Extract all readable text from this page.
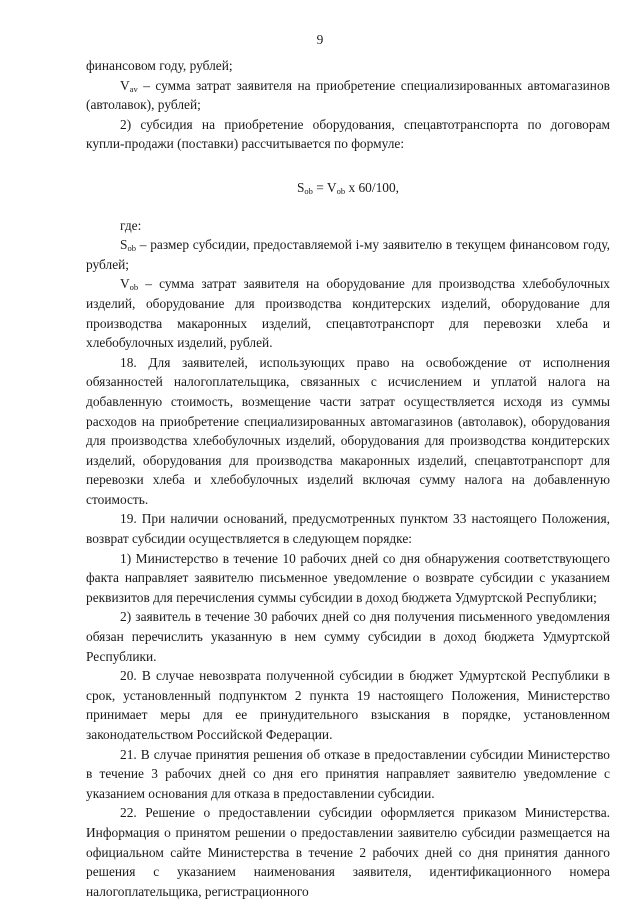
9

финансовом году, рублей;

$V_{av}$ – сумма затрат заявителя на приобретение специализированных автомагазинов (автолавок), рублей;

2) субсидия на приобретение оборудования, спецавтотранспорта по договорам купли-продажи (поставки) рассчитывается по формуле:

$S_{ob} = V_{ob}$ x 60/100,

где:

$S_{ob}$ – размер субсидии, предоставляемой i-му заявителю в текущем финансовом году, рублей;

$V_{ob}$ – сумма затрат заявителя на оборудование для производства хлебобулочных изделий, оборудование для производства кондитерских изделий, оборудование для производства макаронных изделий, спецавтотранспорт для перевозки хлеба и хлебобулочных изделий, рублей.

18. Для заявителей, использующих право на освобождение от исполнения обязанностей налогоплательщика, связанных с исчислением и уплатой налога на добавленную стоимость, возмещение части затрат осуществляется исходя из суммы расходов на приобретение специализированных автомагазинов (автолавок), оборудования для производства хлебобулочных изделий, оборудования для производства кондитерских изделий, оборудования для производства макаронных изделий, спецавтотранспорт для перевозки хлеба и хлебобулочных изделий включая сумму налога на добавленную стоимость.

19. При наличии оснований, предусмотренных пунктом 33 настоящего Положения, возврат субсидии осуществляется в следующем порядке:

1) Министерство в течение 10 рабочих дней со дня обнаружения соответствующего факта направляет заявителю письменное уведомление о возврате субсидии с указанием реквизитов для перечисления суммы субсидии в доход бюджета Удмуртской Республики;

2) заявитель в течение 30 рабочих дней со дня получения письменного уведомления обязан перечислить указанную в нем сумму субсидии в доход бюджета Удмуртской Республики.

20. В случае невозврата полученной субсидии в бюджет Удмуртской Республики в срок, установленный подпунктом 2 пункта 19 настоящего Положения, Министерство принимает меры для ее принудительного взыскания в порядке, установленном законодательством Российской Федерации.

21. В случае принятия решения об отказе в предоставлении субсидии Министерство в течение 3 рабочих дней со дня его принятия направляет заявителю уведомление с указанием основания для отказа в предоставлении субсидии.

22. Решение о предоставлении субсидии оформляется приказом Министерства. Информация о принятом решении о предоставлении заявителю субсидии размещается на официальном сайте Министерства в течение 2 рабочих дней со дня принятия данного решения с указанием наименования заявителя, идентификационного номера налогоплательщика, регистрационного
